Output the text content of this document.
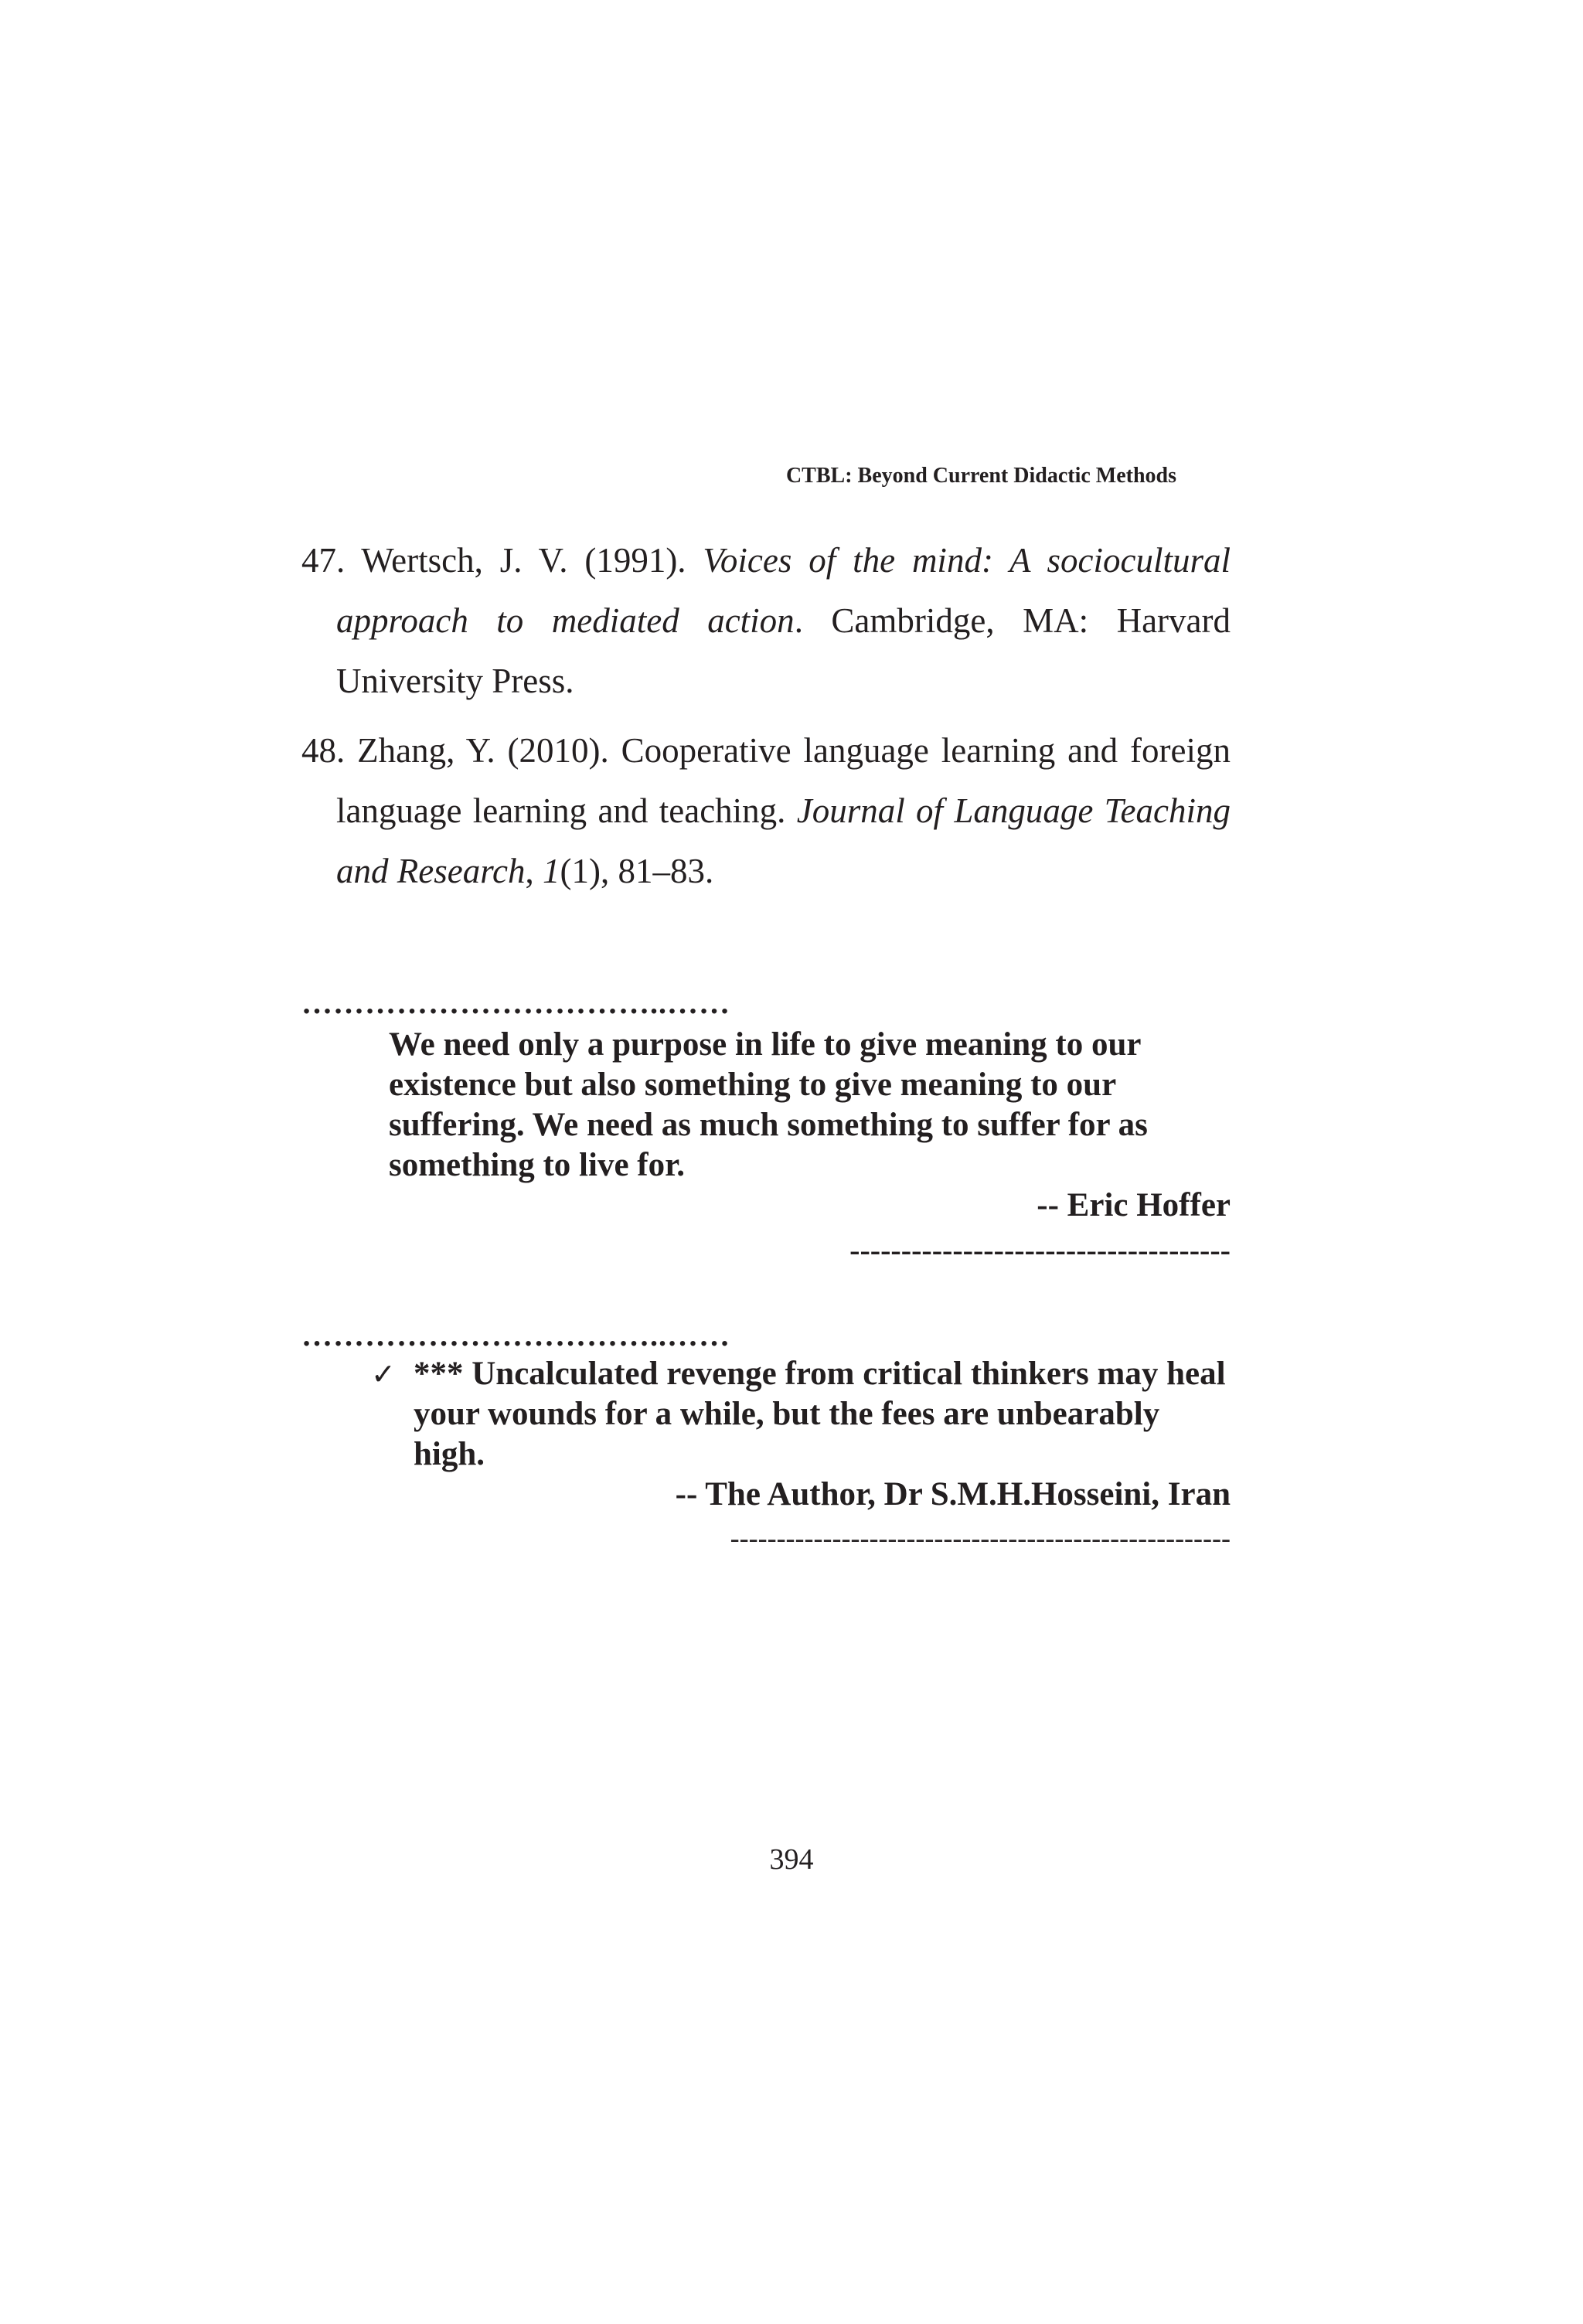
CTBL: Beyond Current Didactic Methods

47. Wertsch, J. V. (1991). Voices of the mind: A sociocultural approach to mediated action. Cambridge, MA: Harvard University Press.

48. Zhang, Y. (2010). Cooperative language learning and foreign language learning and teaching. Journal of Language Teaching and Research, 1(1), 81–83.

……………………………..……

We need only a purpose in life to give meaning to our existence but also something to give meaning to our suffering. We need as much something to suffer for as something to live for.

-- Eric Hoffer

-------------------------------------
……………………………..……
✓ *** Uncalculated revenge from critical thinkers may heal your wounds for a while, but the fees are unbearably high.

-- The Author, Dr S.M.H.Hosseini, Iran

------------------------------------------------------
394
